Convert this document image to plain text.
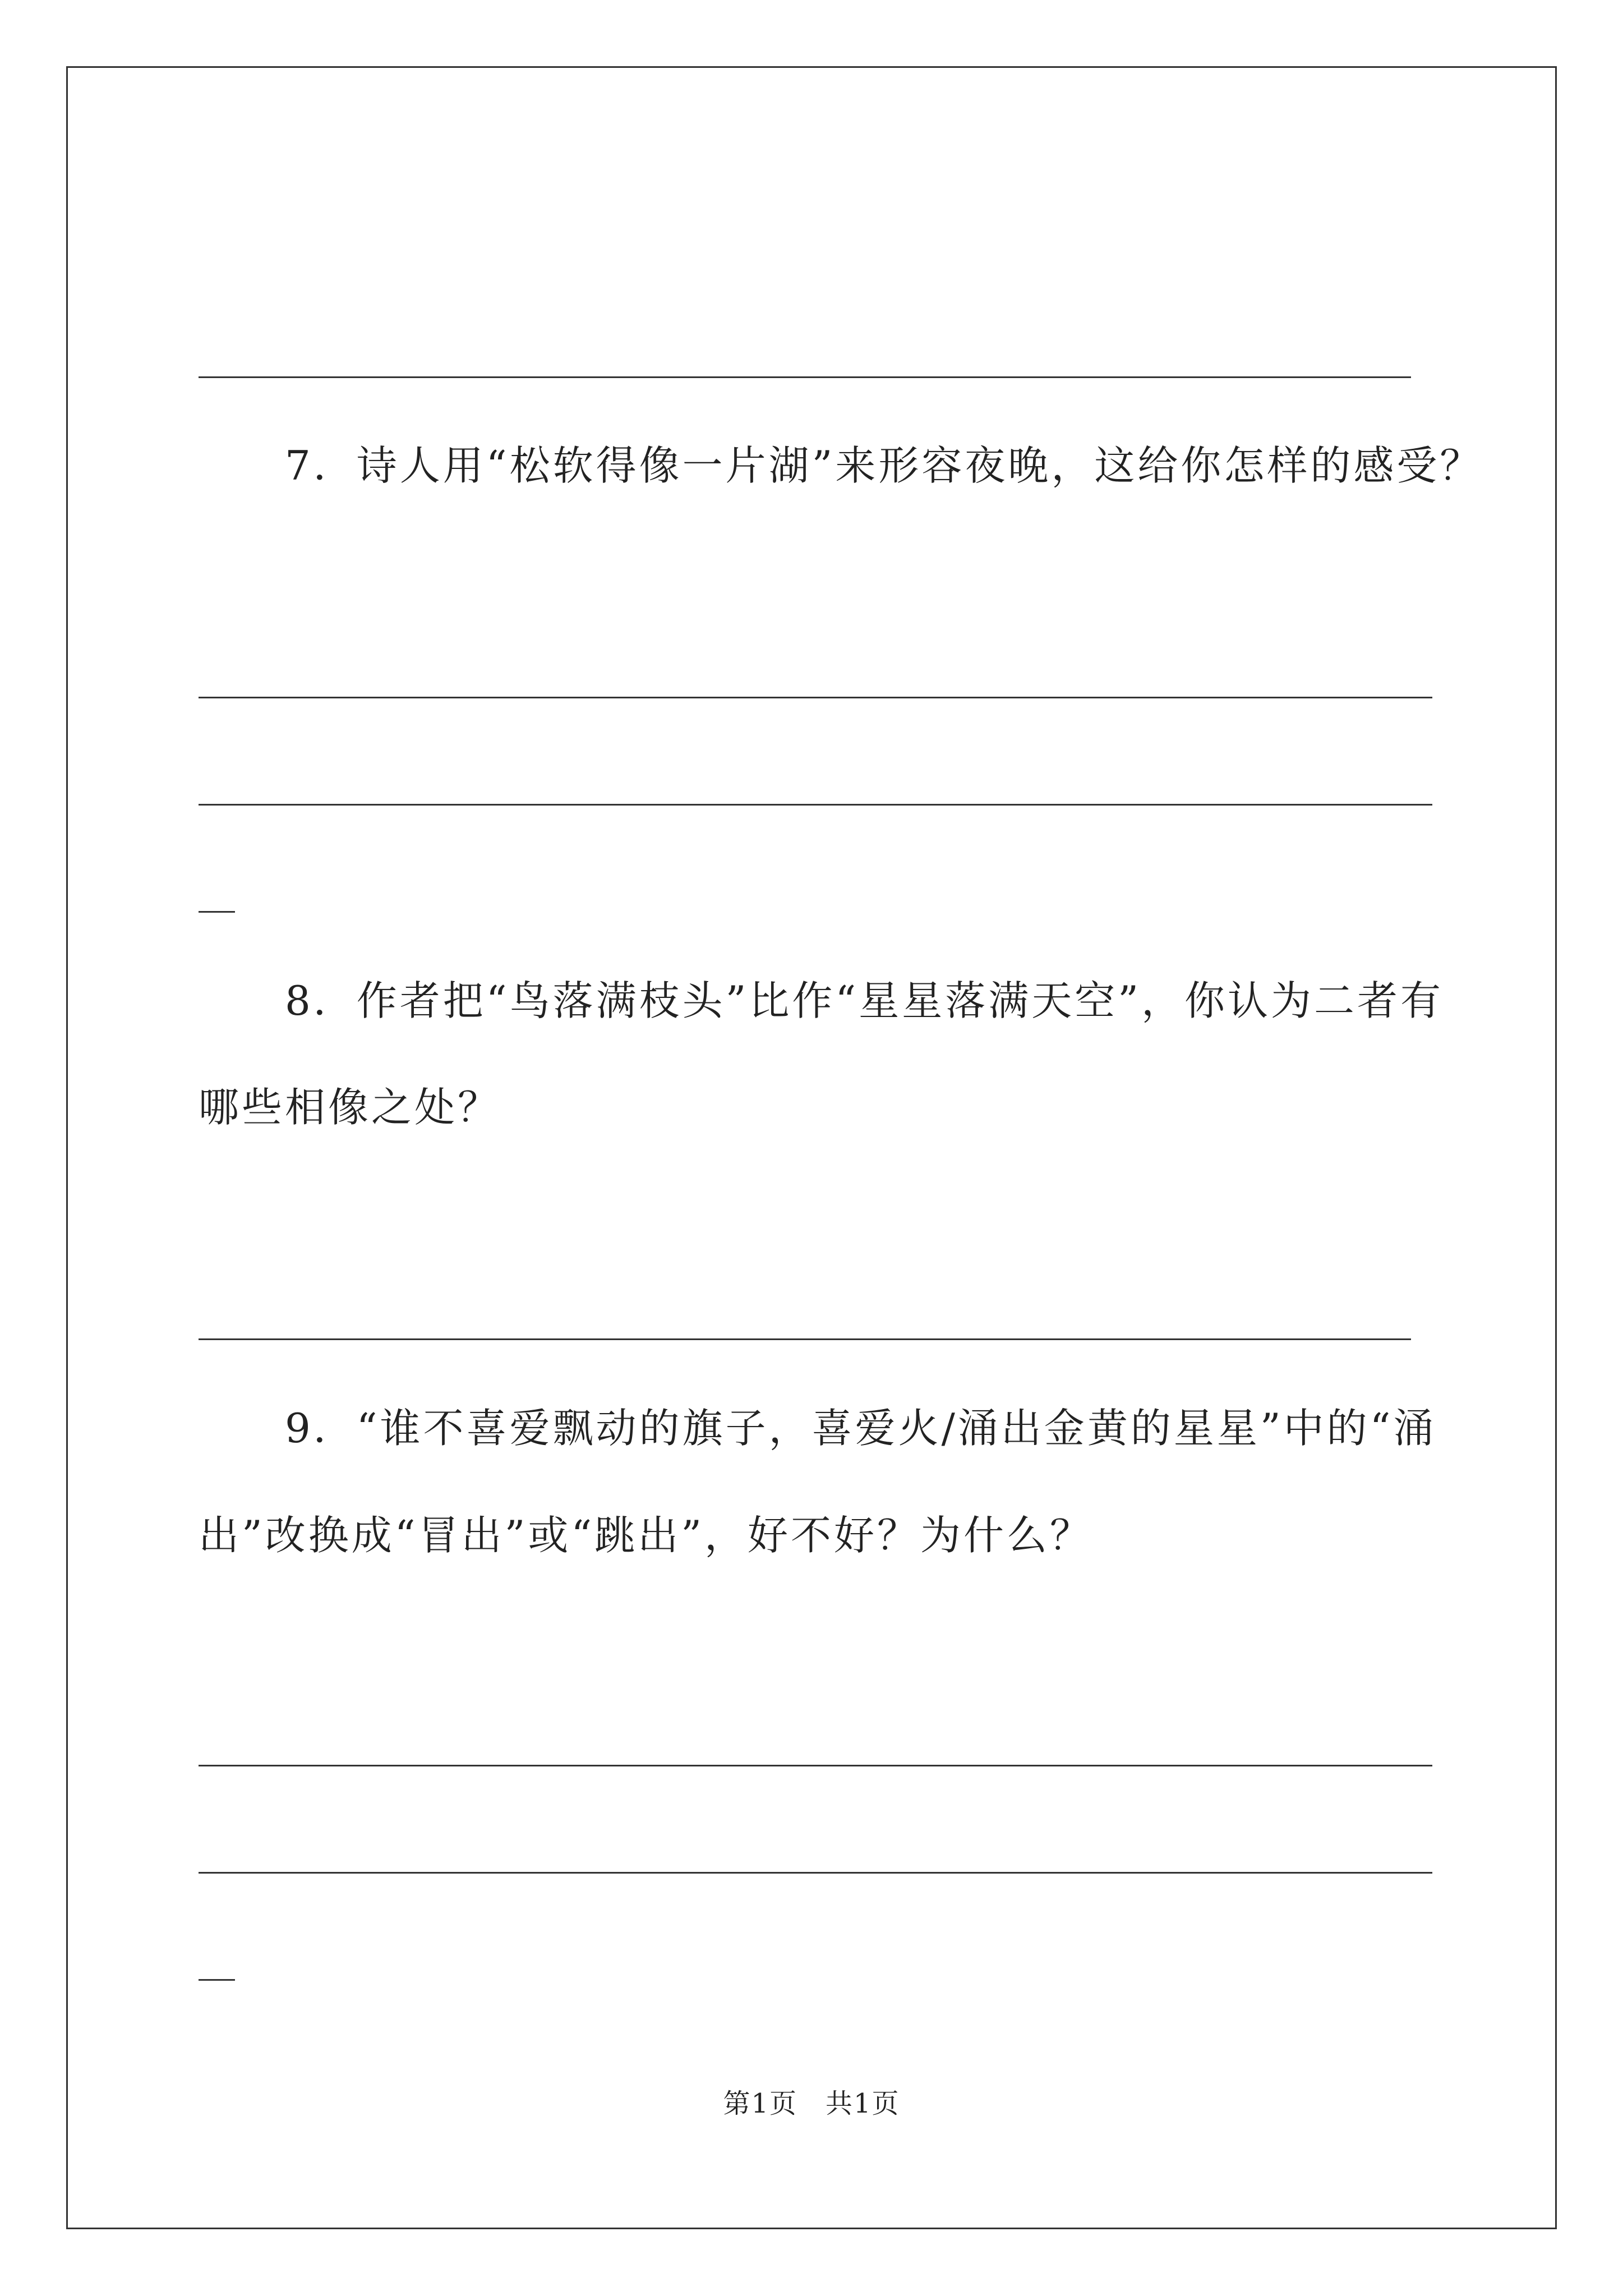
　　7．诗人用“松软得像一片湖”来形容夜晚，这给你怎样的感受？
　　8．作者把“鸟落满枝头”比作“星星落满天空”，你认为二者有
哪些相像之处？
　　9．“谁不喜爱飘动的旗子，喜爱火/涌出金黄的星星”中的“涌
出”改换成“冒出”或“跳出”，好不好？为什么？
第1页　共1页
